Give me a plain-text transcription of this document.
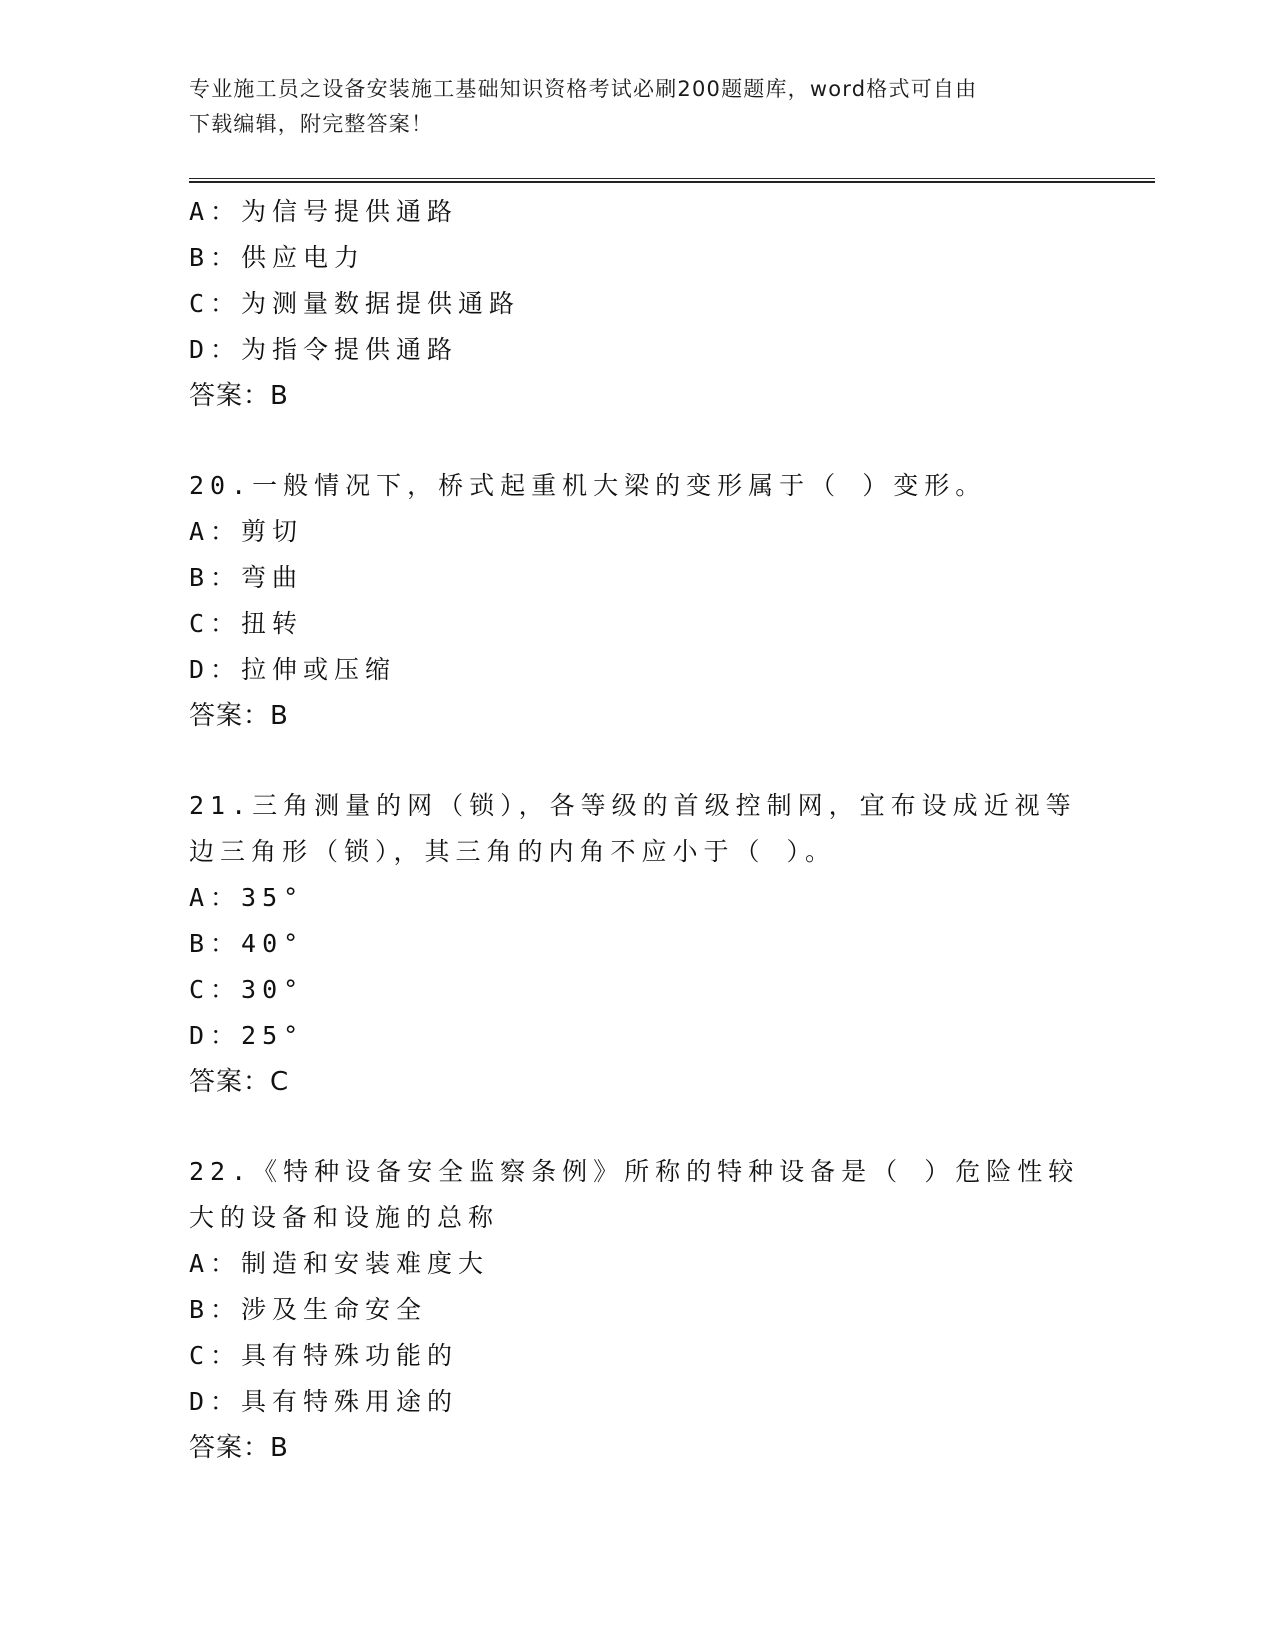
专业施工员之设备安装施工基础知识资格考试必刷200题题库，word格式可自由
下载编辑，附完整答案！
A：为信号提供通路
B：供应电力
C：为测量数据提供通路
D：为指令提供通路
答案：B
20.一般情况下，桥式起重机大梁的变形属于（ ）变形。
A：剪切
B：弯曲
C：扭转
D：拉伸或压缩
答案：B
21.三角测量的网（锁），各等级的首级控制网，宜布设成近视等边三角形（锁），其三角的内角不应小于（ ）。
A：35°
B：40°
C：30°
D：25°
答案：C
22.《特种设备安全监察条例》所称的特种设备是（ ）危险性较大的设备和设施的总称
A：制造和安装难度大
B：涉及生命安全
C：具有特殊功能的
D：具有特殊用途的
答案：B
